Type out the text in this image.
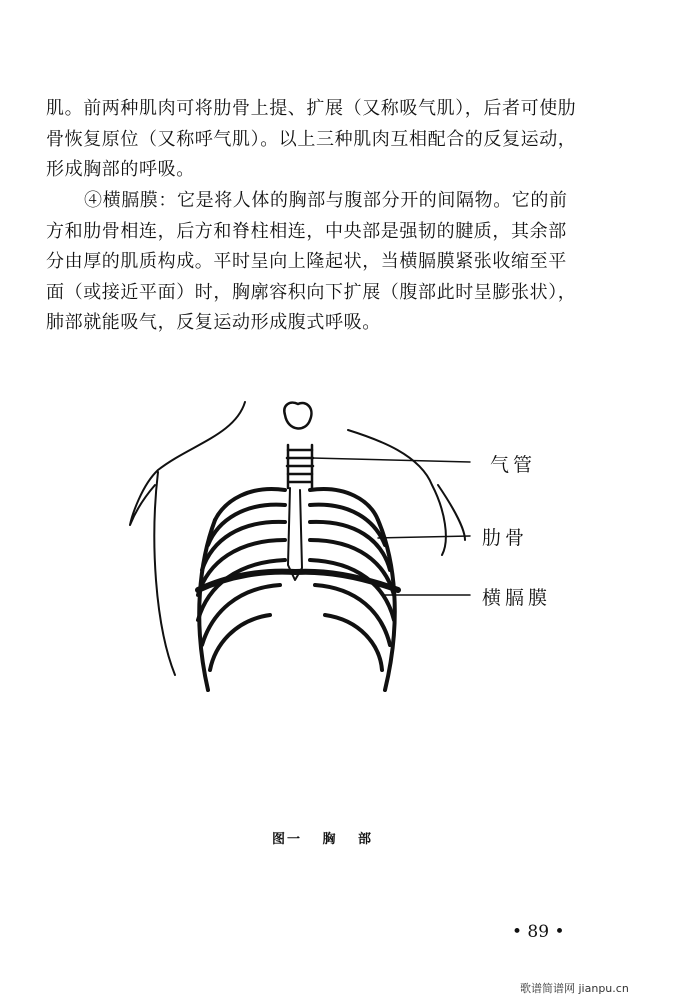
肌。前两种肌肉可将肋骨上提、扩展（又称吸气肌），后者可使肋
骨恢复原位（又称呼气肌）。以上三种肌肉互相配合的反复运动，
形成胸部的呼吸。
④横膈膜：它是将人体的胸部与腹部分开的间隔物。它的前
方和肋骨相连，后方和脊柱相连，中央部是强韧的腱质，其余部
分由厚的肌质构成。平时呈向上隆起状，当横膈膜紧张收缩至平
面（或接近平面）时，胸廓容积向下扩展（腹部此时呈膨张状），
肺部就能吸气，反复运动形成腹式呼吸。
气管
肋骨
横膈膜
图一 胸 部
• 89 •
歌谱简谱网 jianpu.cn
